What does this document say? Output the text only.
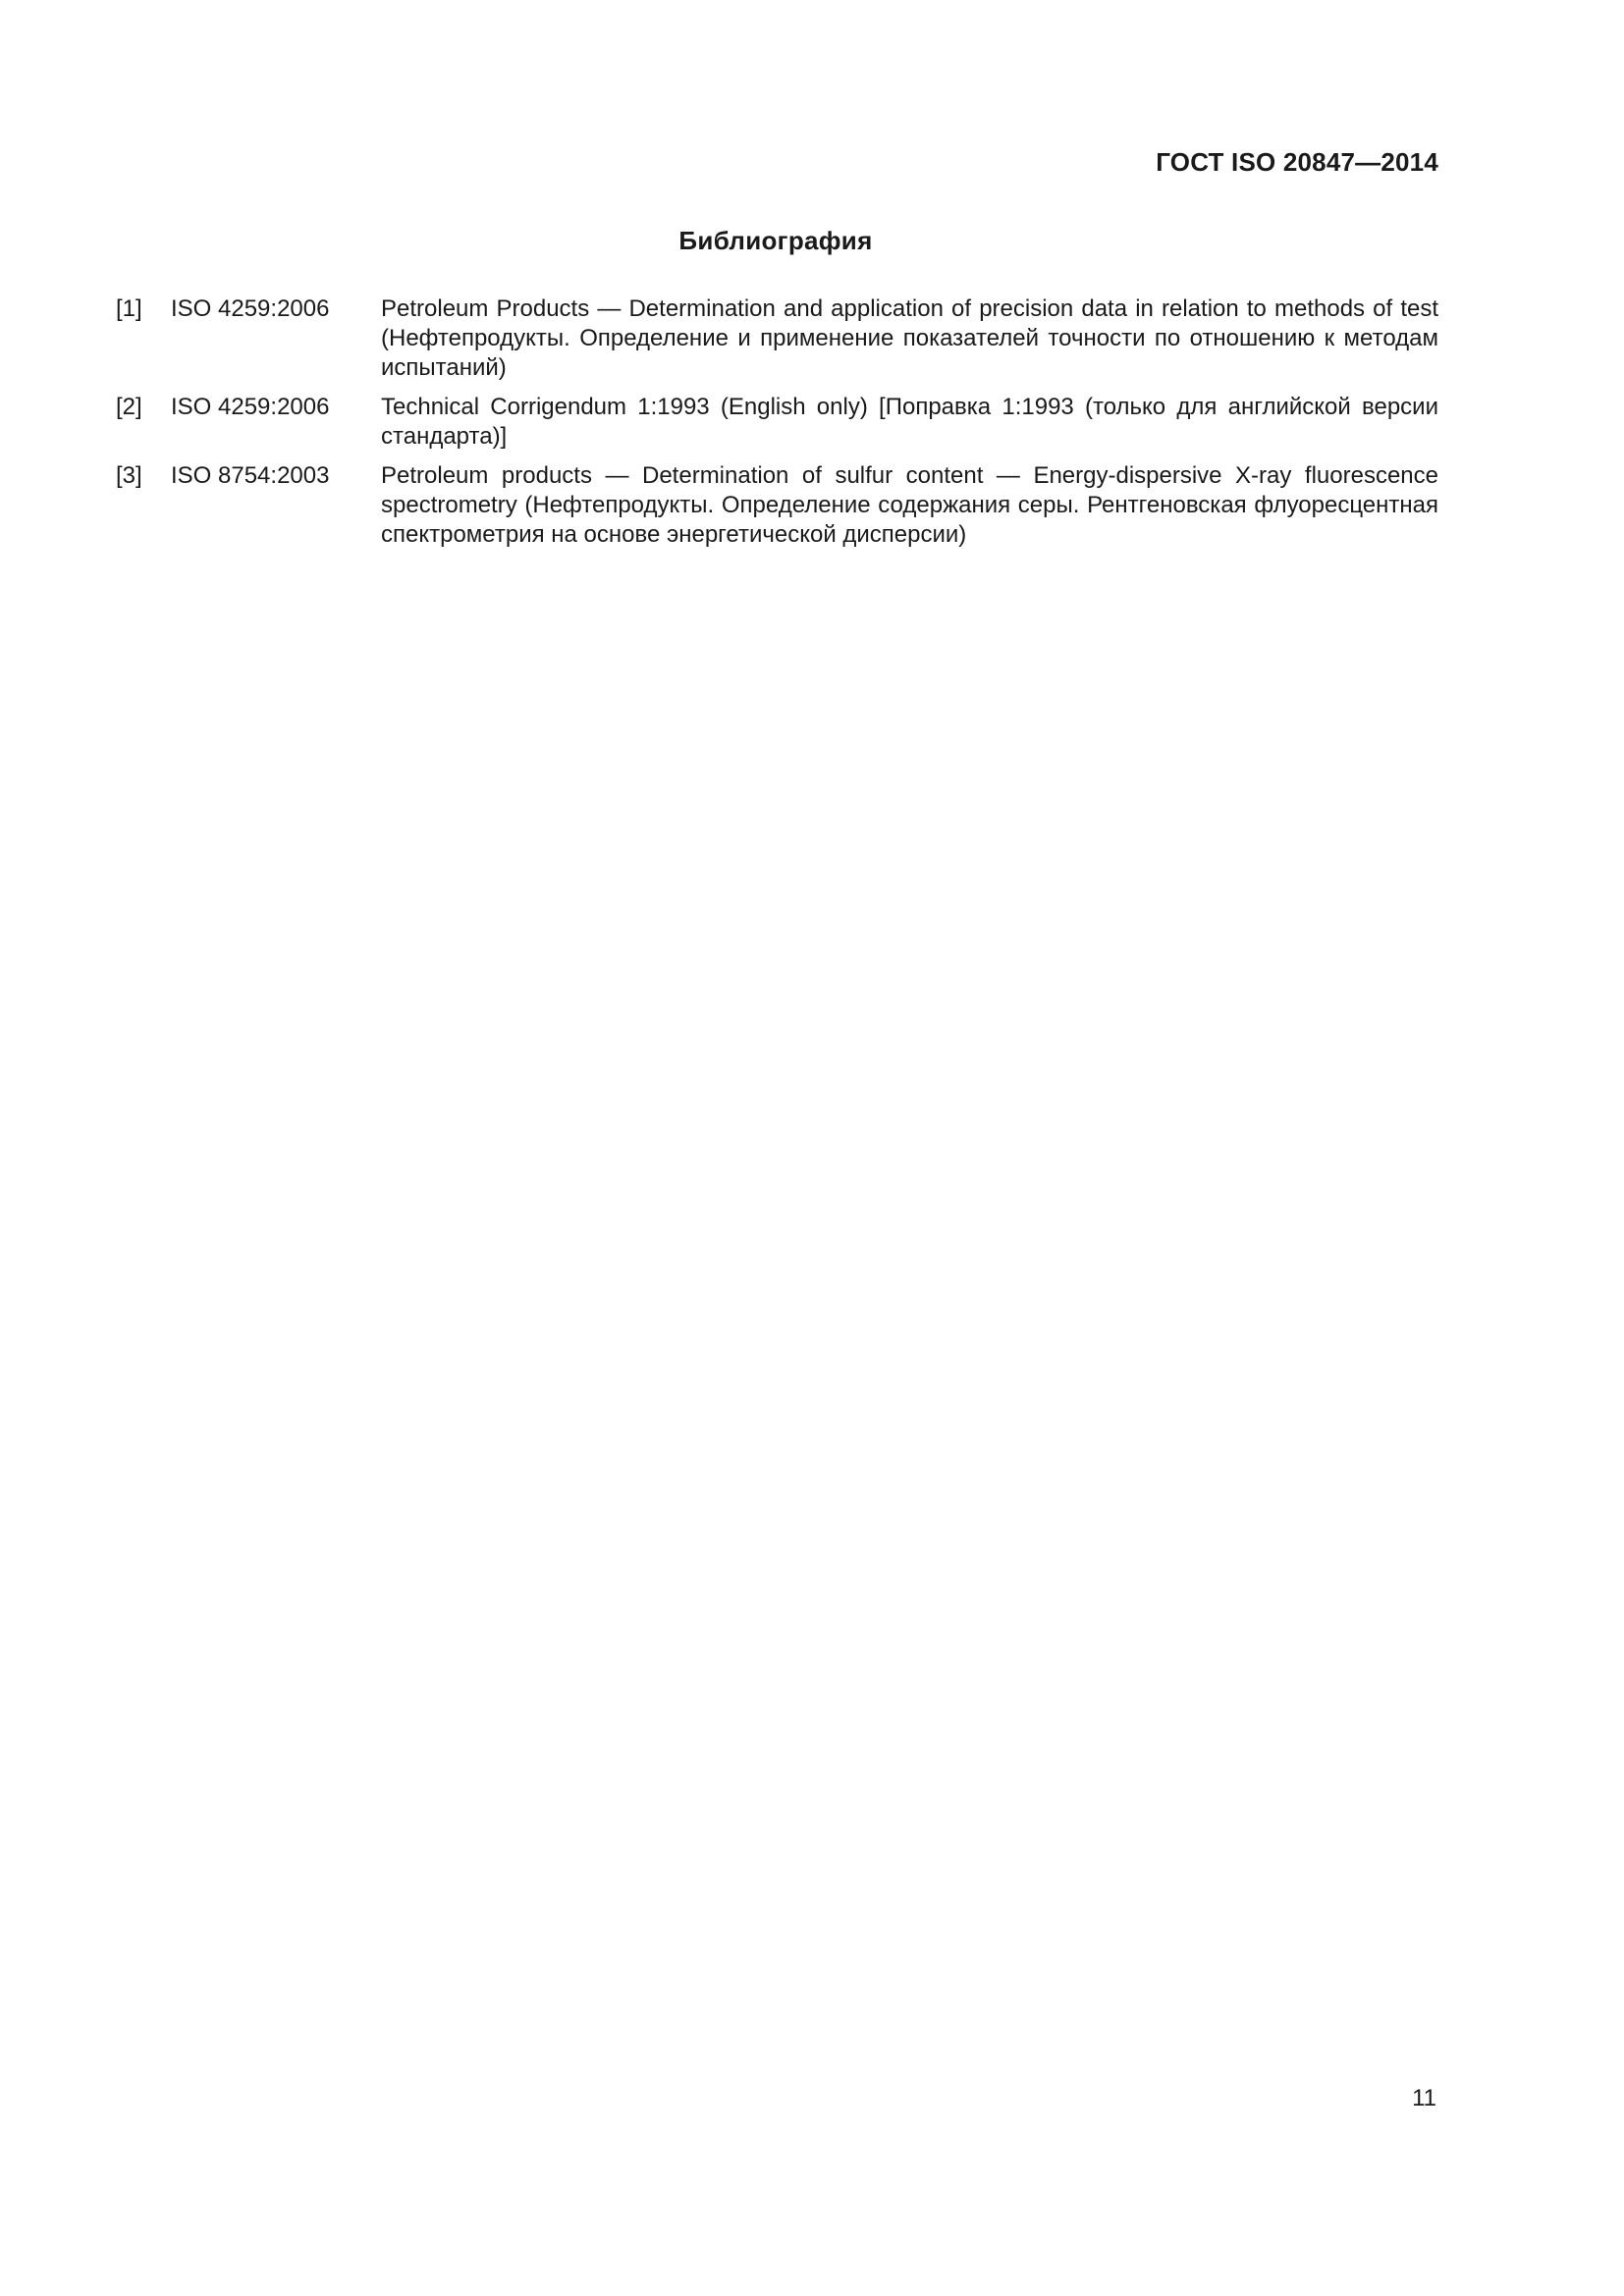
ГОСТ ISO 20847—2014
Библиография
[1]	ISO 4259:2006	Petroleum Products — Determination and application of precision data in relation to methods of test (Нефтепродукты. Определение и применение показателей точности по отношению к методам испытаний)
[2]	ISO 4259:2006	Technical Corrigendum 1:1993 (English only) [Поправка 1:1993 (только для английской версии стандарта)]
[3]	ISO 8754:2003	Petroleum products — Determination of sulfur content — Energy-dispersive X-ray fluorescence spectrometry (Нефтепродукты. Определение содержания серы. Рентгеновская флуоресцентная спектрометрия на основе энергетической дисперсии)
11
